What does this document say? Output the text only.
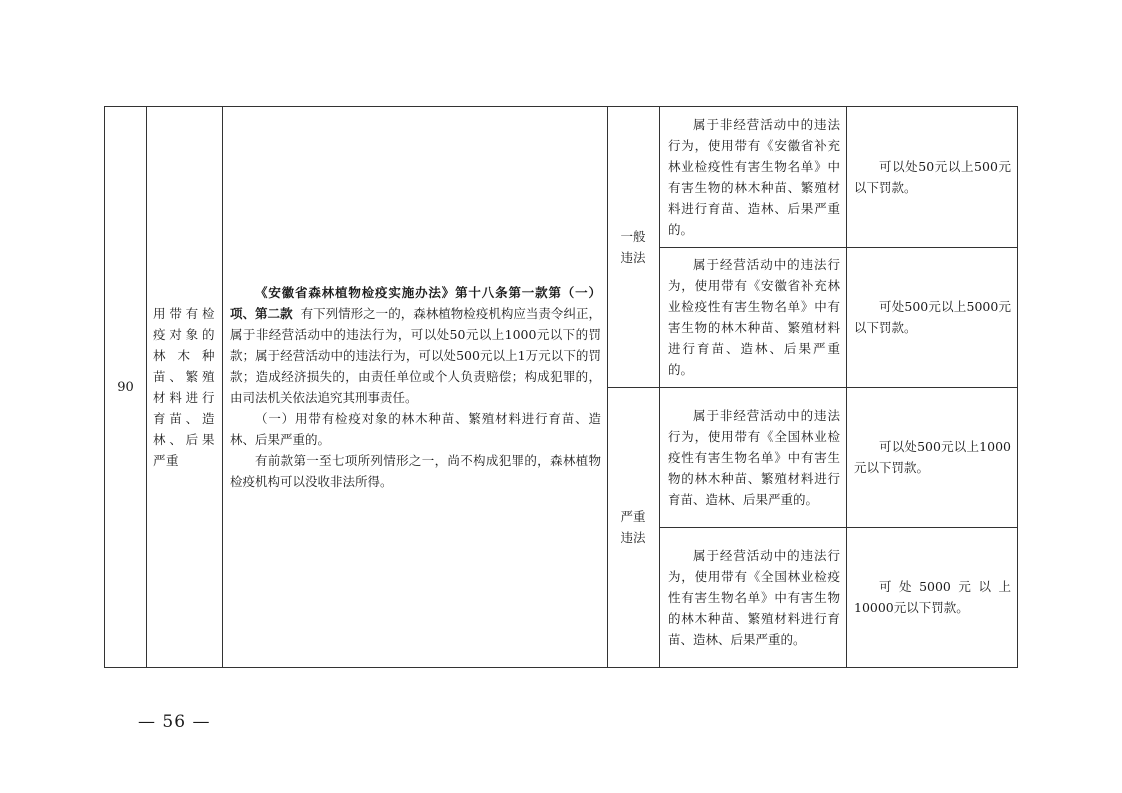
90
用带有检疫对象的林木种苗、繁殖材料进行育苗、造林、后果严重

《安徽省森林植物检疫实施办法》第十八条第一款第（一）项、第二款 有下列情形之一的，森林植物检疫机构应当责令纠正，属于非经营活动中的违法行为，可以处50元以上1000元以下的罚款；属于经营活动中的违法行为，可以处500元以上1万元以下的罚款；造成经济损失的，由责任单位或个人负责赔偿；构成犯罪的，由司法机关依法追究其刑事责任。

（一）用带有检疫对象的林木种苗、繁殖材料进行育苗、造林、后果严重的。

有前款第一至七项所列情形之一，尚不构成犯罪的，森林植物检疫机构可以没收非法所得。

一般违法
严重违法

属于非经营活动中的违法行为，使用带有《安徽省补充林业检疫性有害生物名单》中有害生物的林木种苗、繁殖材料进行育苗、造林、后果严重的。

属于经营活动中的违法行为，使用带有《安徽省补充林业检疫性有害生物名单》中有害生物的林木种苗、繁殖材料进行育苗、造林、后果严重的。

属于非经营活动中的违法行为，使用带有《全国林业检疫性有害生物名单》中有害生物的林木种苗、繁殖材料进行育苗、造林、后果严重的。

属于经营活动中的违法行为，使用带有《全国林业检疫性有害生物名单》中有害生物的林木种苗、繁殖材料进行育苗、造林、后果严重的。

可以处50元以上500元以下罚款。

可处500元以上5000元以下罚款。

可以处500元以上1000元以下罚款。

可处5000元以上10000元以下罚款。

— 56 —
